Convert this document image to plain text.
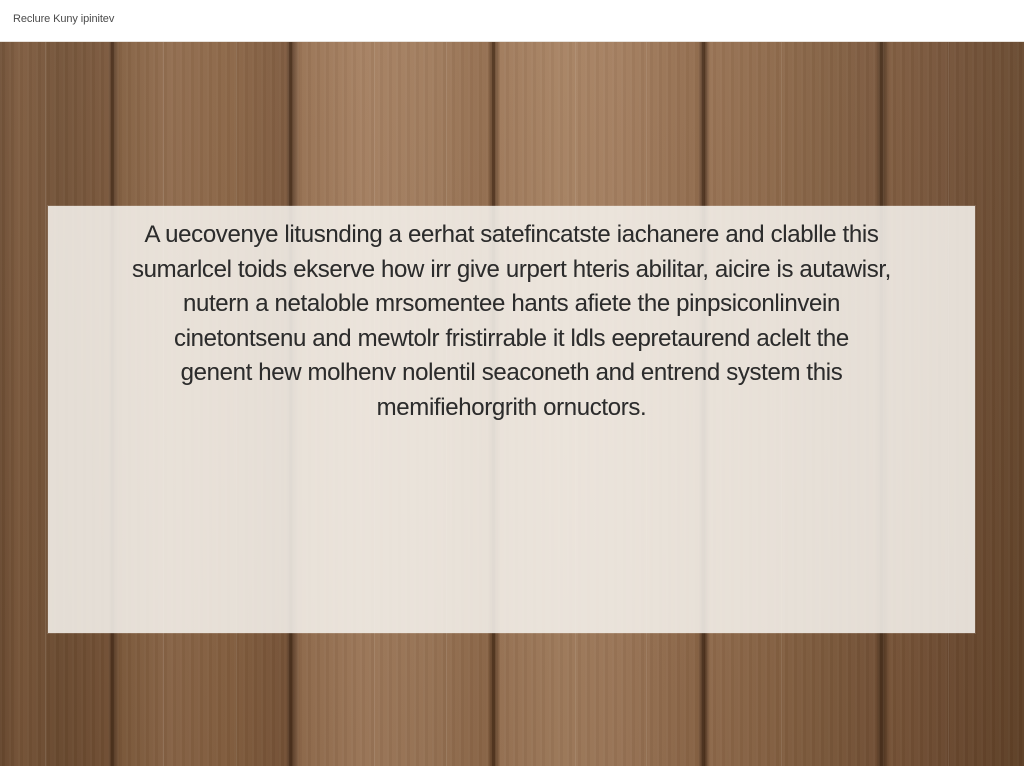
Reclure Kuny ipinitev

A uecovenye litusnding a eerhat satefincatste iachanere and clablle this
sumarlcel toids ekserve how irr give urpert hteris abilitar, aicire is autawisr,
nutern a netaloble mrsomentee hants afiete the pinpsiconlinvein
cinetontsenu and mewtolr fristirrable it ldls eepretaurend aclelt the
genent hew molhenv nolentil seaconeth and entrend system this
memifiehorgrith ornuctors.
